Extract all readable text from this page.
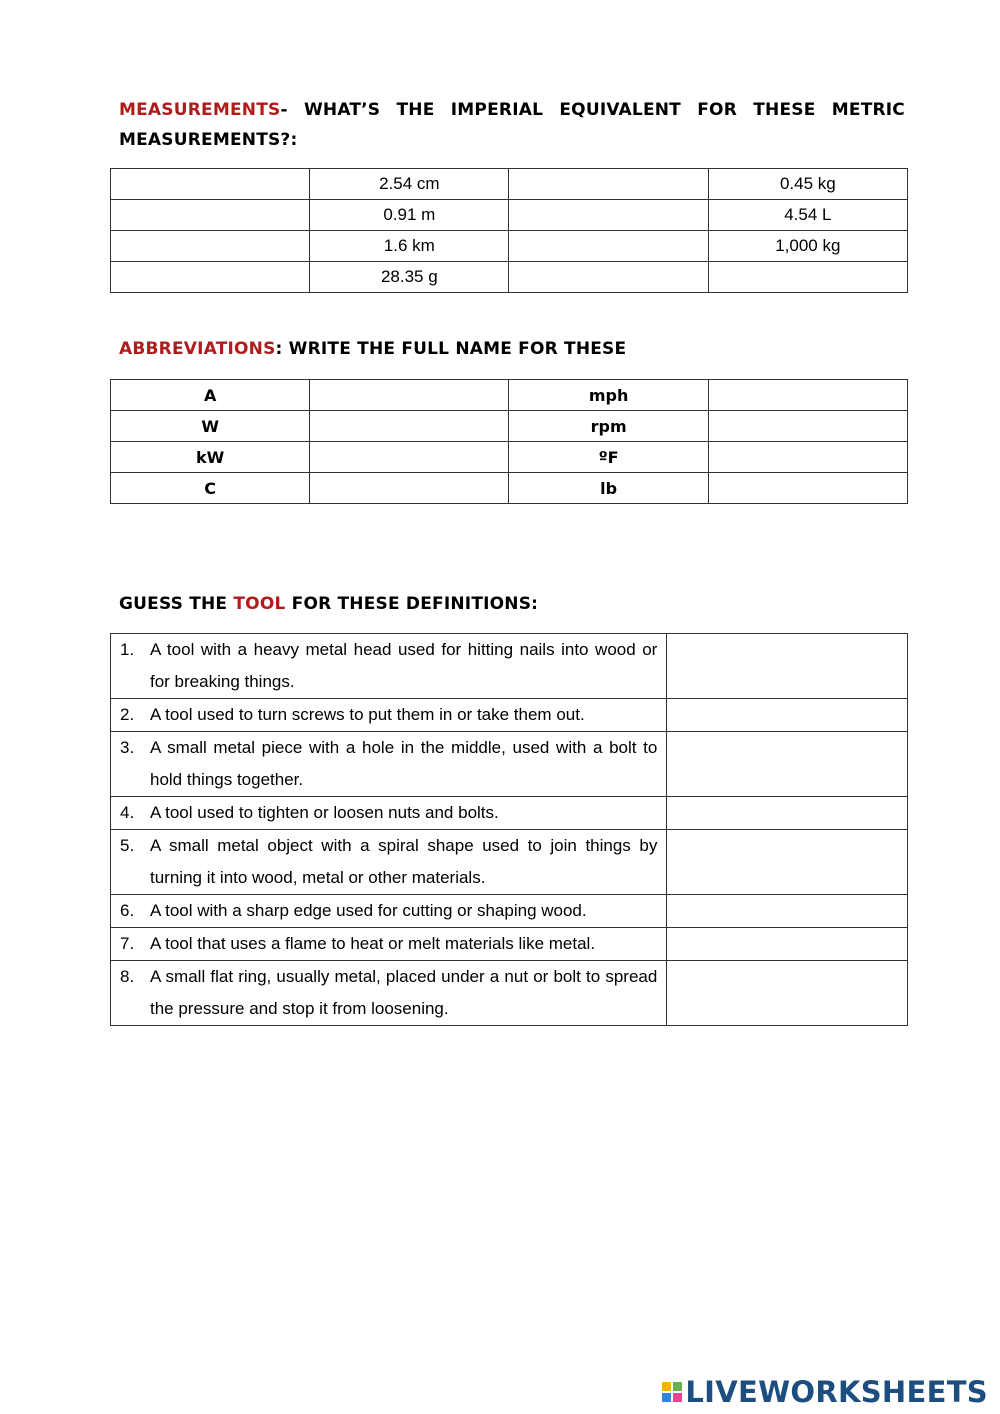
MEASUREMENTS- WHAT’S THE IMPERIAL EQUIVALENT FOR THESE METRIC MEASUREMENTS?:

	2.54 cm		0.45 kg
	0.91 m		4.54 L
	1.6 km		1,000 kg
	28.35 g		

ABBREVIATIONS: WRITE THE FULL NAME FOR THESE

A		mph	
W		rpm	
kW		ºF	
C		lb	

GUESS THE TOOL FOR THESE DEFINITIONS:

1. A tool with a heavy metal head used for hitting nails into wood or for breaking things.	

2. A tool used to turn screws to put them in or take them out.	

3. A small metal piece with a hole in the middle, used with a bolt to hold things together.	

4. A tool used to tighten or loosen nuts and bolts.	

5. A small metal object with a spiral shape used to join things by turning it into wood, metal or other materials.	

6. A tool with a sharp edge used for cutting or shaping wood.	

7. A tool that uses a flame to heat or melt materials like metal.	

8. A small flat ring, usually metal, placed under a nut or bolt to spread the pressure and stop it from loosening.	

LIVEWORKSHEETS
